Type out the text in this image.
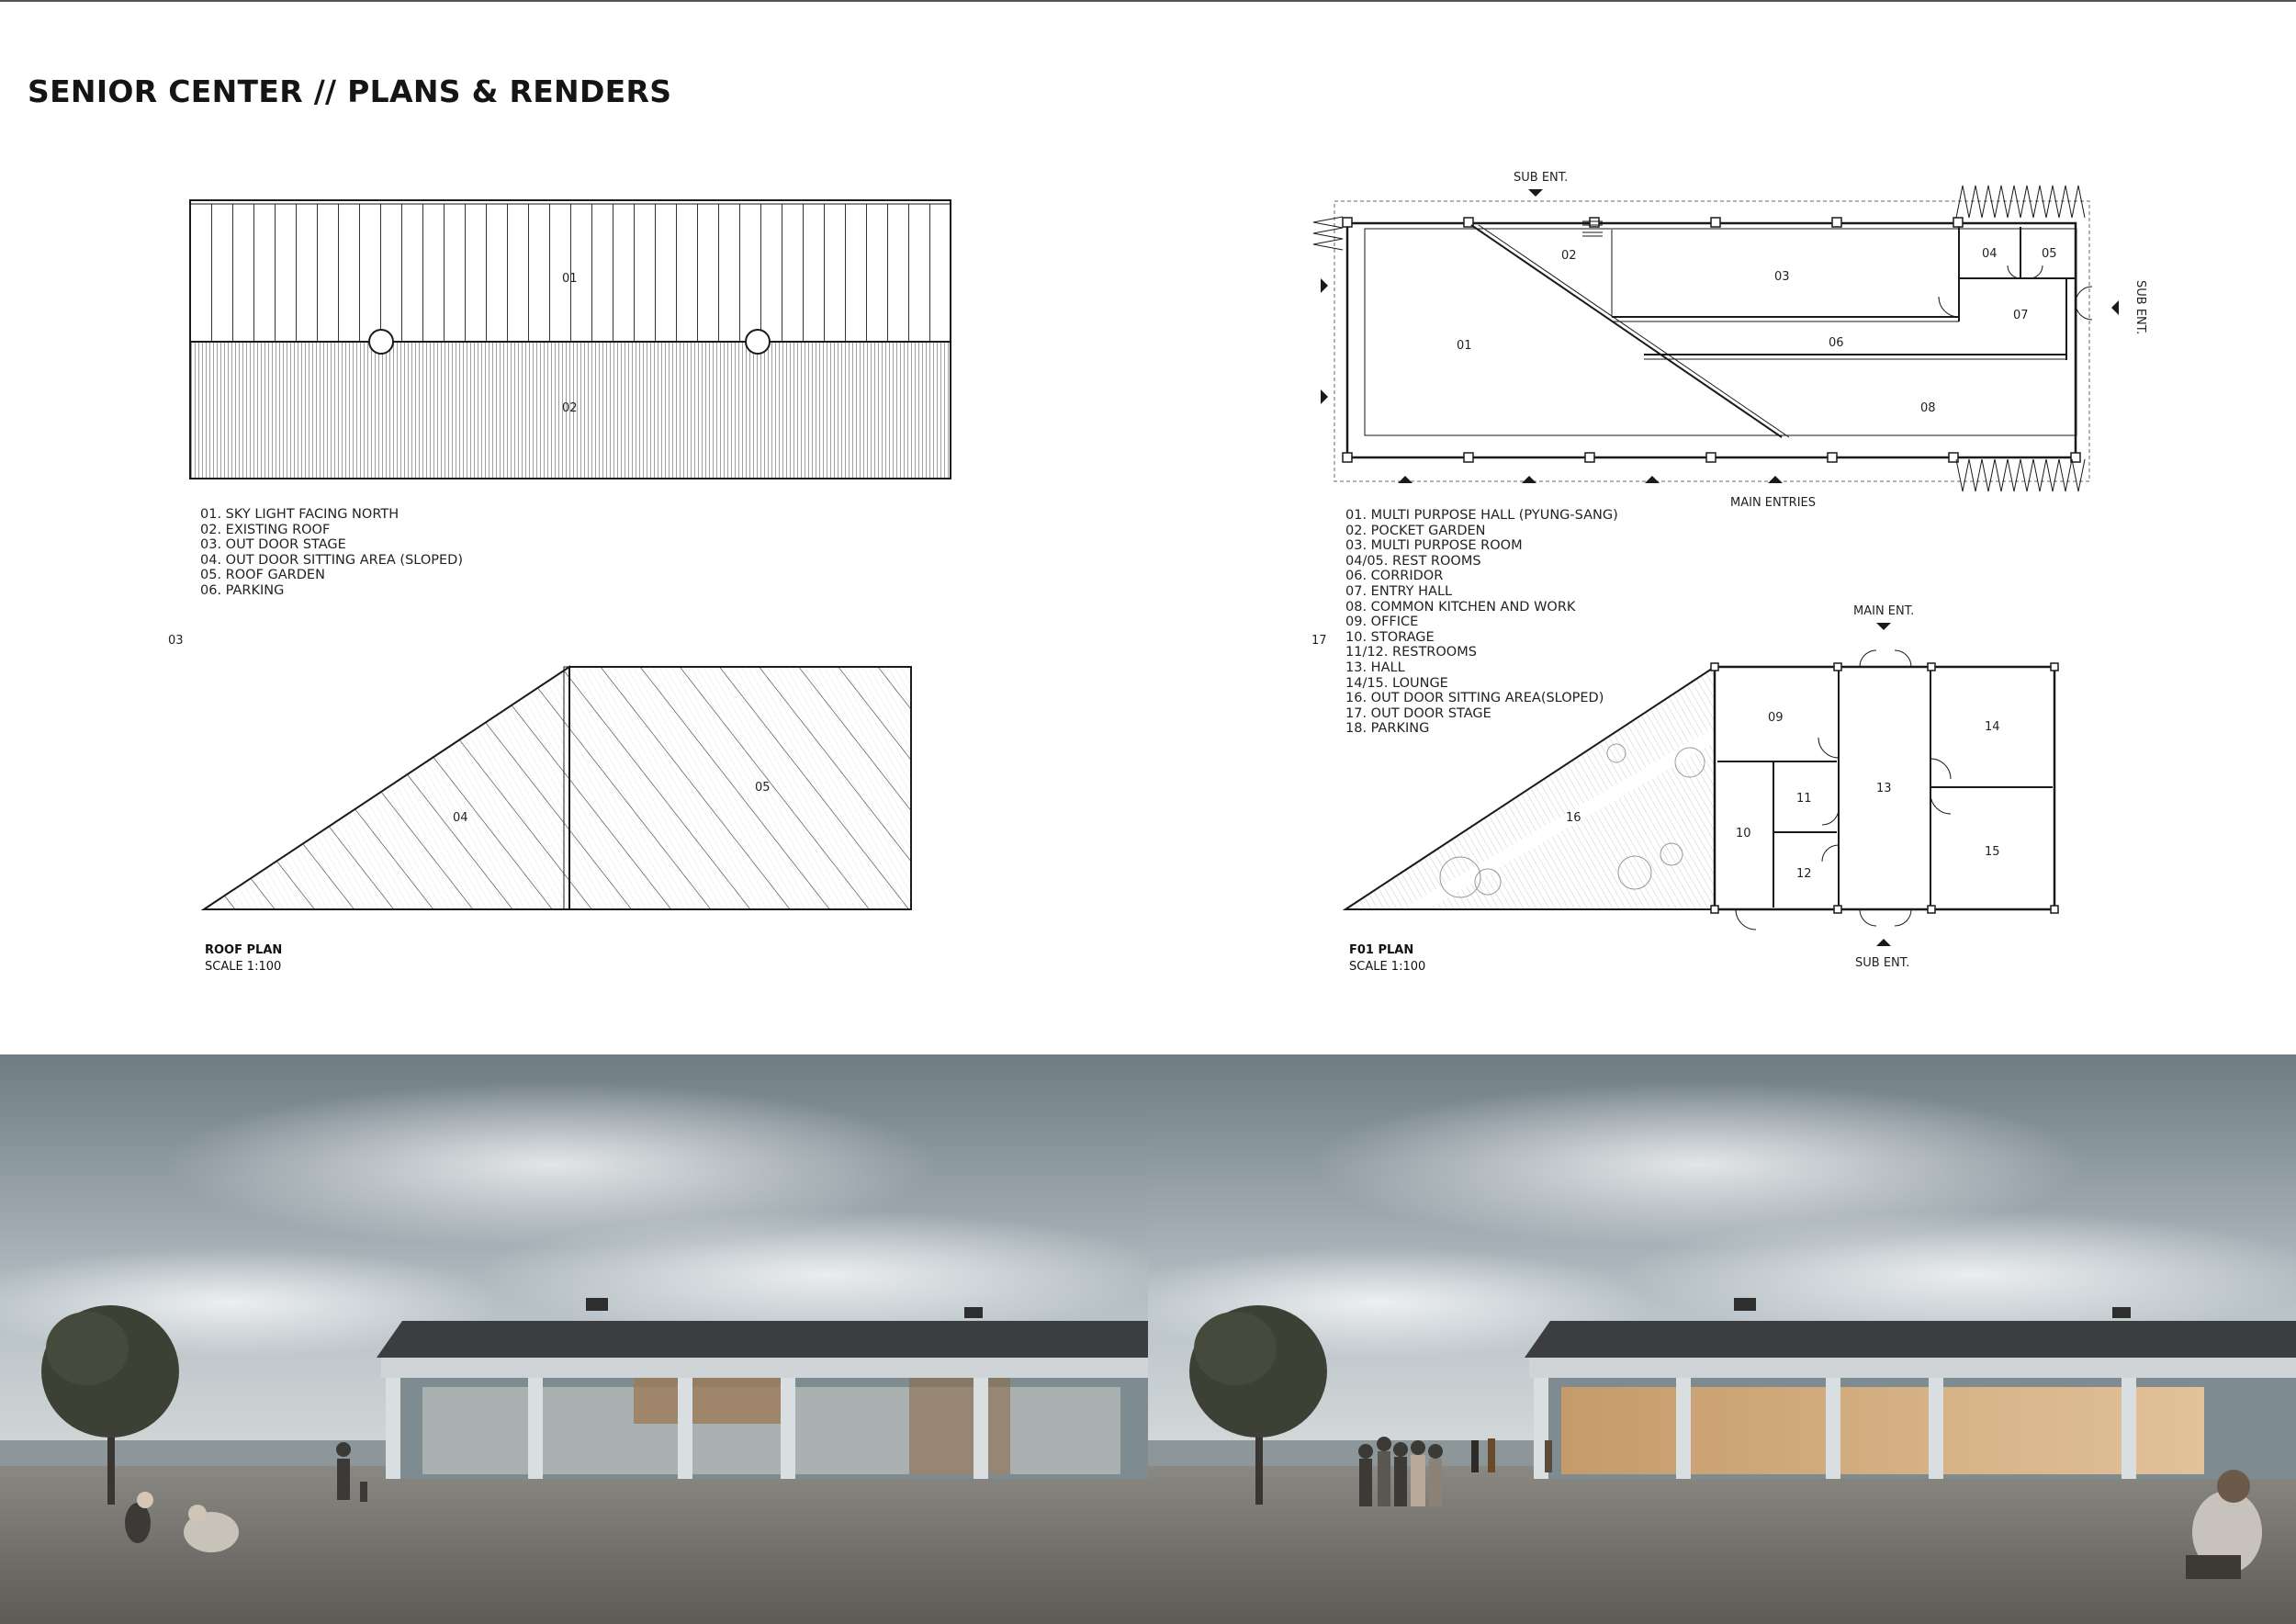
SENIOR CENTER // PLANS & RENDERS
01
02
04
05
01
02
03
04	05
06
07
08
SUB ENT.
SUB ENT.
MAIN ENTRIES
09
10
11
12
13
14
15
16
MAIN ENT.
SUB ENT.
01. SKY LIGHT FACING NORTH
02. EXISTING ROOF
03. OUT DOOR STAGE
04. OUT DOOR SITTING AREA (SLOPED)
05. ROOF GARDEN
06. PARKING
01. MULTI PURPOSE HALL (PYUNG-SANG)
02. POCKET GARDEN
03. MULTI PURPOSE ROOM
04/05. REST ROOMS
06. CORRIDOR
07. ENTRY HALL
08. COMMON KITCHEN AND WORK
09. OFFICE
10. STORAGE
11/12. RESTROOMS
13. HALL
14/15. LOUNGE
16. OUT DOOR SITTING AREA(SLOPED)
17. OUT DOOR STAGE
18. PARKING
03	17
ROOF PLAN
SCALE 1:100
F01 PLAN
SCALE 1:100
